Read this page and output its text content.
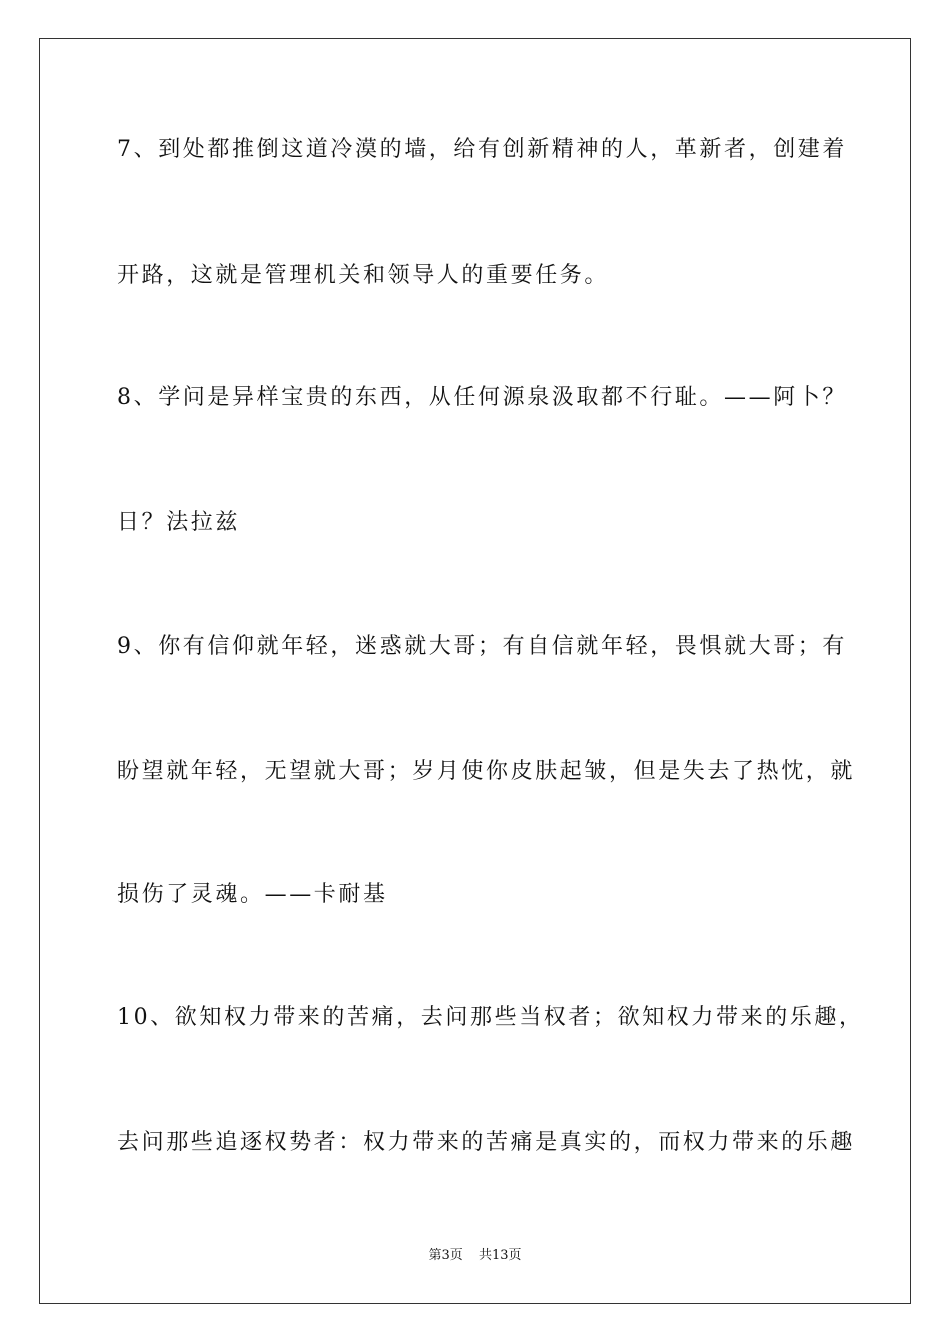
7、到处都推倒这道冷漠的墙，给有创新精神的人，革新者，创建着
开路，这就是管理机关和领导人的重要任务。
8、学问是异样宝贵的东西，从任何源泉汲取都不行耻。——阿卜？
日？法拉兹
9、你有信仰就年轻，迷惑就大哥；有自信就年轻，畏惧就大哥；有
盼望就年轻，无望就大哥；岁月使你皮肤起皱，但是失去了热忱，就
损伤了灵魂。——卡耐基
10、欲知权力带来的苦痛，去问那些当权者；欲知权力带来的乐趣，
去问那些追逐权势者：权力带来的苦痛是真实的，而权力带来的乐趣
第3页 共13页
